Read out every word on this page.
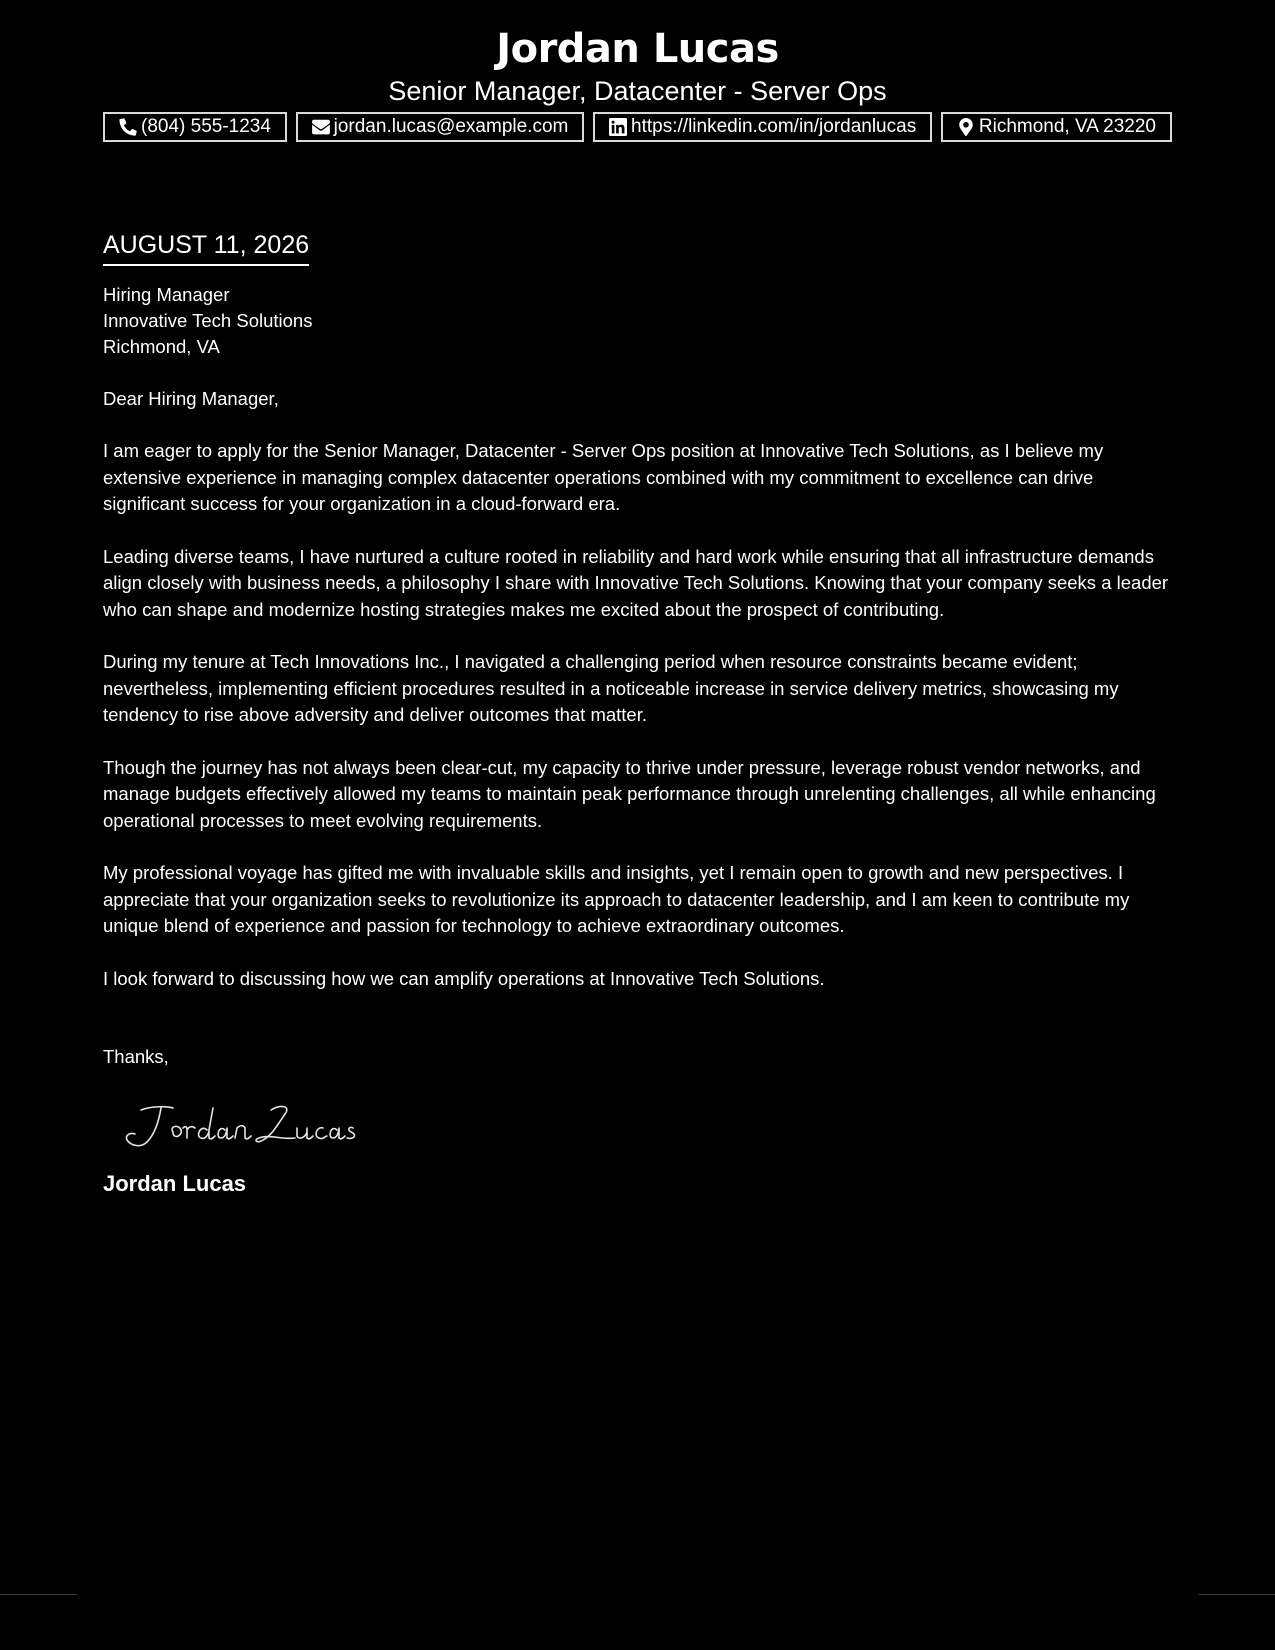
Jordan Lucas
Senior Manager, Datacenter - Server Ops
(804) 555-1234	jordan.lucas@example.com	https://linkedin.com/in/jordanlucas	Richmond, VA 23220
AUGUST 11, 2026
Hiring Manager
Innovative Tech Solutions
Richmond, VA
Dear Hiring Manager,
I am eager to apply for the Senior Manager, Datacenter - Server Ops position at Innovative Tech Solutions, as I believe my extensive experience in managing complex datacenter operations combined with my commitment to excellence can drive significant success for your organization in a cloud-forward era.
Leading diverse teams, I have nurtured a culture rooted in reliability and hard work while ensuring that all infrastructure demands align closely with business needs, a philosophy I share with Innovative Tech Solutions. Knowing that your company seeks a leader who can shape and modernize hosting strategies makes me excited about the prospect of contributing.
During my tenure at Tech Innovations Inc., I navigated a challenging period when resource constraints became evident; nevertheless, implementing efficient procedures resulted in a noticeable increase in service delivery metrics, showcasing my tendency to rise above adversity and deliver outcomes that matter.
Though the journey has not always been clear-cut, my capacity to thrive under pressure, leverage robust vendor networks, and manage budgets effectively allowed my teams to maintain peak performance through unrelenting challenges, all while enhancing operational processes to meet evolving requirements.
My professional voyage has gifted me with invaluable skills and insights, yet I remain open to growth and new perspectives. I appreciate that your organization seeks to revolutionize its approach to datacenter leadership, and I am keen to contribute my unique blend of experience and passion for technology to achieve extraordinary outcomes.
I look forward to discussing how we can amplify operations at Innovative Tech Solutions.
Thanks,
Jordan Lucas
